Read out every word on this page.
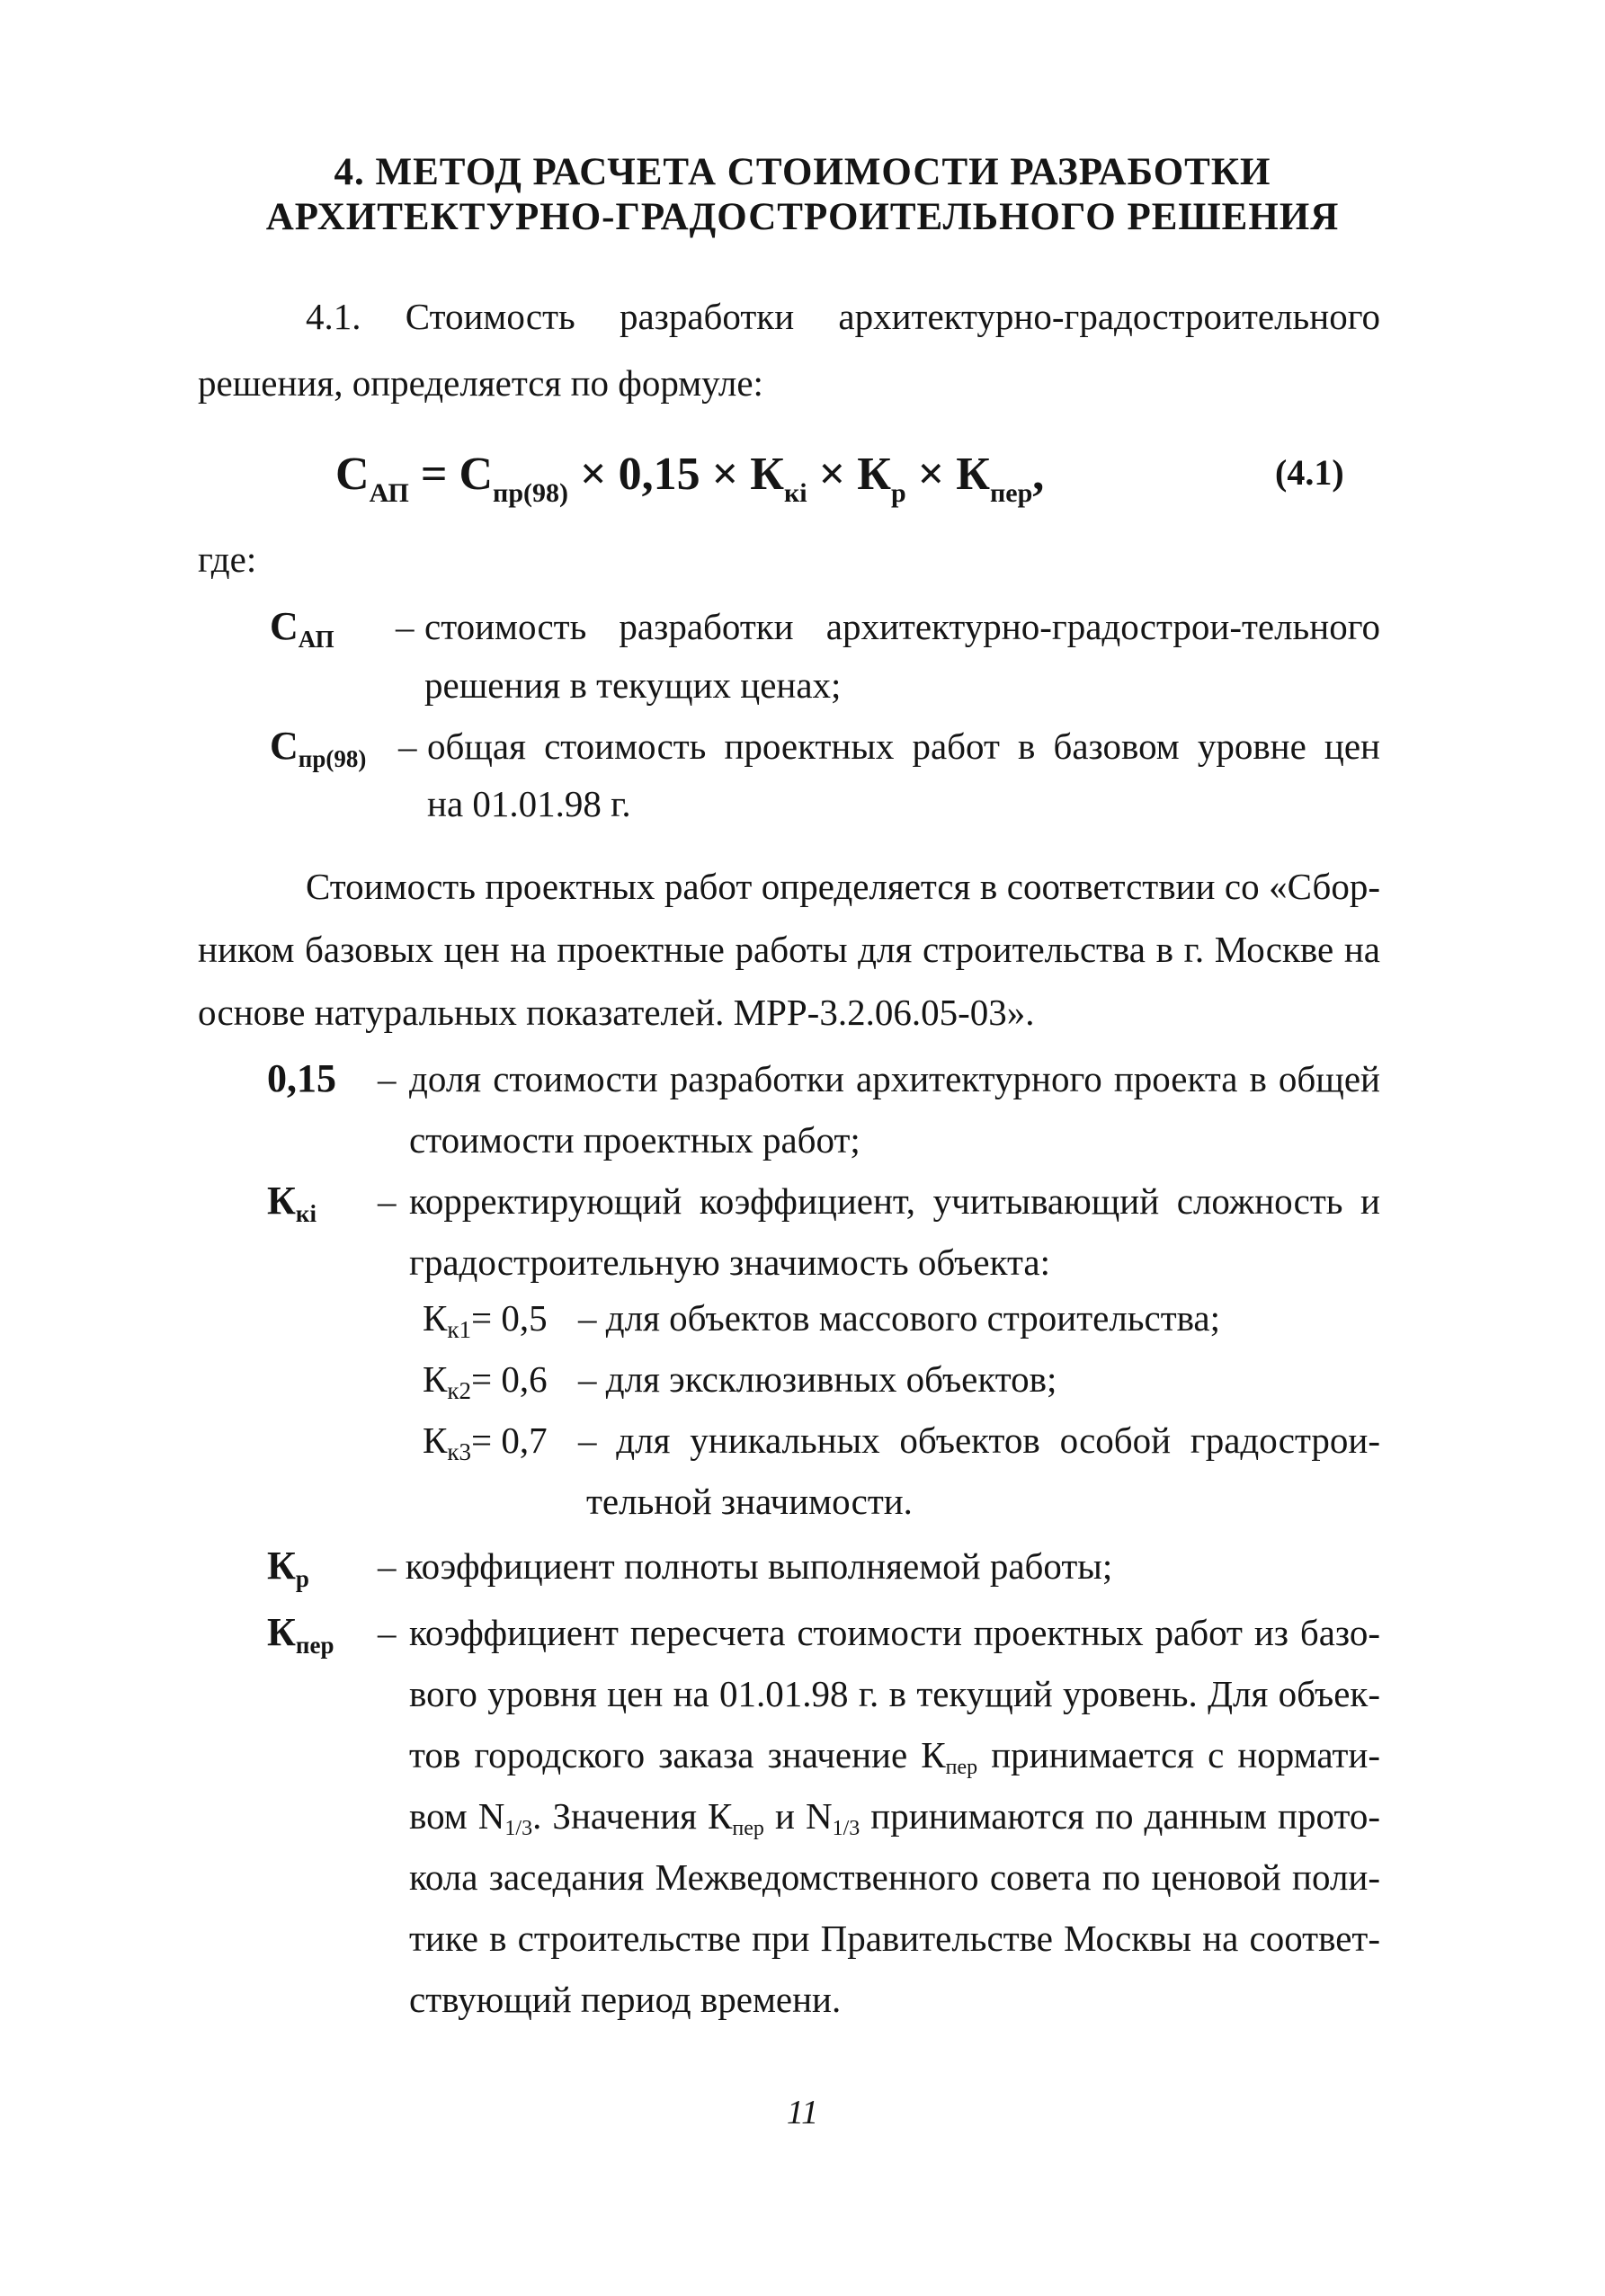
4. МЕТОД РАСЧЕТА СТОИМОСТИ РАЗРАБОТКИ
АРХИТЕКТУРНО-ГРАДОСТРОИТЕЛЬНОГО РЕШЕНИЯ
4.1. Стоимость разработки архитектурно-градостроительного
решения, определяется по формуле:
$С_{АП} = С_{пр(98)} \times 0,15 \times К_{кi} \times К_р \times К_{пер}$,	(4.1)
где:
$С_{АП}$ – стоимость разработки архитектурно-градострои-тельного
решения в текущих ценах;
$С_{пр(98)}$ – общая стоимость проектных работ в базовом уровне цен
на 01.01.98 г.
Стоимость проектных работ определяется в соответствии со «Сбор-
ником базовых цен на проектные работы для строительства в г. Москве на
основе натуральных показателей. МРР-3.2.06.05-03».
0,15 – доля стоимости разработки архитектурного проекта в общей
стоимости проектных работ;
$К_{кi}$ – корректирующий коэффициент, учитывающий сложность и
градостроительную значимость объекта:
$К_{к1}= 0,5$ – для объектов массового строительства;
$К_{к2}= 0,6$ – для эксклюзивных объектов;
$К_{к3}= 0,7$ – для уникальных объектов особой градострои-
тельной значимости.
$К_р$ – коэффициент полноты выполняемой работы;
$К_{пер}$ – коэффициент пересчета стоимости проектных работ из базо-
вого уровня цен на 01.01.98 г. в текущий уровень. Для объек-
тов городского заказа значение Кпер принимается с нормати-
вом N1/3. Значения Кпер и N1/3 принимаются по данным прото-
кола заседания Межведомственного совета по ценовой поли-
тике в строительстве при Правительстве Москвы на соответ-
ствующий период времени.
11
